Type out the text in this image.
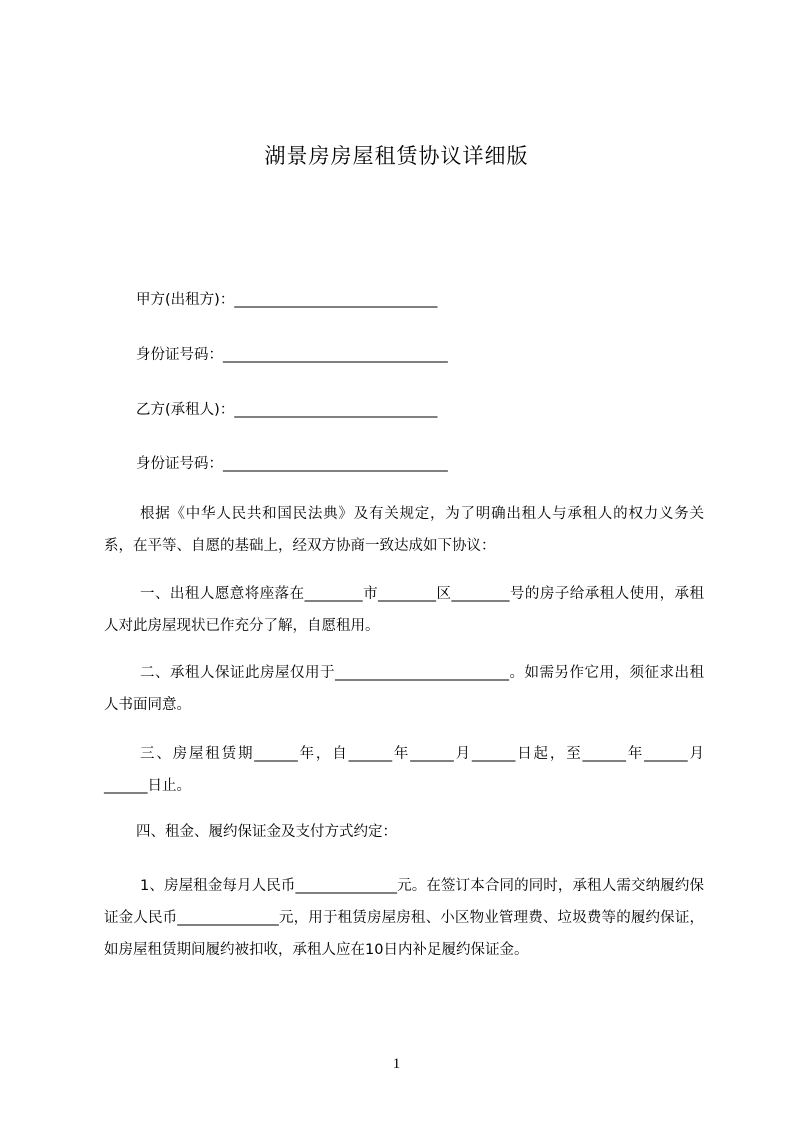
湖景房房屋租赁协议详细版
甲方(出租方)：____________________________
身份证号码：_______________________________
乙方(承租人)：____________________________
身份证号码：_______________________________
根据《中华人民共和国民法典》及有关规定，为了明确出租人与承租人的权力义务关系，在平等、自愿的基础上，经双方协商一致达成如下协议：
一、出租人愿意将座落在________市________区________号的房子给承租人使用，承租人对此房屋现状已作充分了解，自愿租用。
二、承租人保证此房屋仅用于________________________。如需另作它用，须征求出租人书面同意。
三、房屋租赁期______年，自______年______月______日起，至______年______月______日止。
四、租金、履约保证金及支付方式约定：
1、房屋租金每月人民币______________元。在签订本合同的同时，承租人需交纳履约保证金人民币______________元，用于租赁房屋房租、小区物业管理费、垃圾费等的履约保证，如房屋租赁期间履约被扣收，承租人应在10日内补足履约保证金。
1
